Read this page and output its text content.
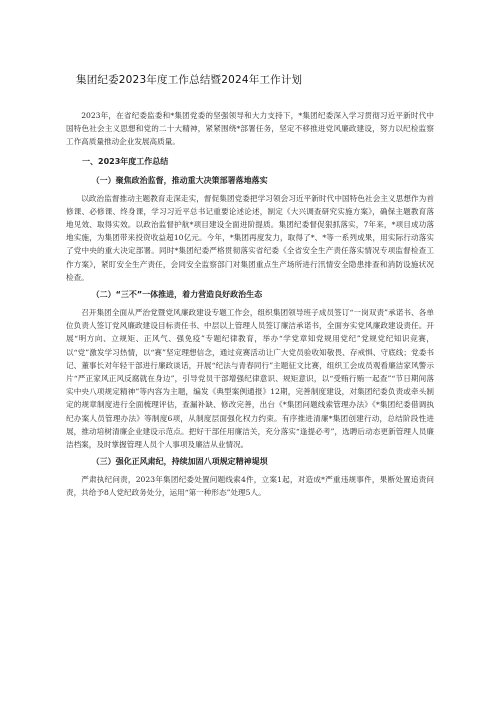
集团纪委2023年度工作总结暨2024年工作计划

2023年，在省纪委监委和*集团党委的坚强领导和大力支持下，*集团纪委深入学习贯彻习近平新时代中国特色社会主义思想和党的二十大精神，紧紧围绕*部署任务，坚定不移推进党风廉政建设，努力以纪检监察工作高质量推动企业发展高质量。

一、2023年度工作总结
（一）聚焦政治监督，推动重大决策部署落地落实

以政治监督推动主题教育走深走实，督促集团党委把学习领会习近平新时代中国特色社会主义思想作为首修课、必修课、终身课，学习习近平总书记重要论述论述，制定《大兴调查研究实施方案》，确保主题教育落地见效、取得实效。以政治监督护航*项目建设全面进阶提质。集团纪委督促狠抓落实，7年来，*项目成功落地实施，为集团带来投资收益超10亿元。今年，*集团再度发力，取得了*、*等一系列成果，用实际行动落实了党中央的重大决定部署。同时*集团纪委严格贯彻落实省纪委《全省安全生产责任落实情况专项监督检查工作方案》，紧盯安全生产责任，会同安全监察部门对集团重点生产场所进行汛情安全隐患排查和消防设施状况检查。

（二）“三不”一体推进，着力营造良好政治生态

召开集团全面从严治党暨党风廉政建设专题工作会，组织集团领导班子成员签订“一岗双责”承诺书、各单位负责人签订党风廉政建设目标责任书、中层以上管理人员签订廉洁承诺书，全面夯实党风廉政建设责任。开展“明方向、立规矩、正风气、强免疫”专题纪律教育，举办“学党章知党规用党纪”党规党纪知识竞赛，以“党”激发学习热情，以“赛”坚定理想信念，通过竞赛活动让广大党员验收知敬畏、存戒惧、守底线；党委书记、董事长对年轻干部进行廉政谈话，开展“纪法与青春同行”主题征文比赛，组织工会成员观看廉洁家风警示片“严正家风正风反腐就在身边”，引导党员干部增强纪律意识、规矩意识，以“受贿行贿一起查”“节日期间落实中央八项规定精神”等内容为主题，编发《典型案例通报》12期，完善制度建设，对集团纪委负责或牵头制定的规章制度进行全面梳理评估，查漏补缺、修改完善，出台《*集团问题线索管理办法》《*集团纪委借调执纪办案人员管理办法》等制度6项，从制度层面强化权力约束。有序推进清廉*集团创建行动，总结阶段性进展，推动培树清廉企业建设示范点。把好干部任用廉洁关，充分落实“逢提必考”，选聘后动态更新管理人员廉洁档案，及时掌握管理人员个人事项及廉洁从业情况。

（三）强化正风肃纪，持续加固八项规定精神堤坝

严肃执纪问责，2023年集团纪委处置问题线索4件，立案1起，对造成*严重违规事件，果断处置追责问责，共给予8人党纪政务处分，运用“第一种形态”处理5人。
